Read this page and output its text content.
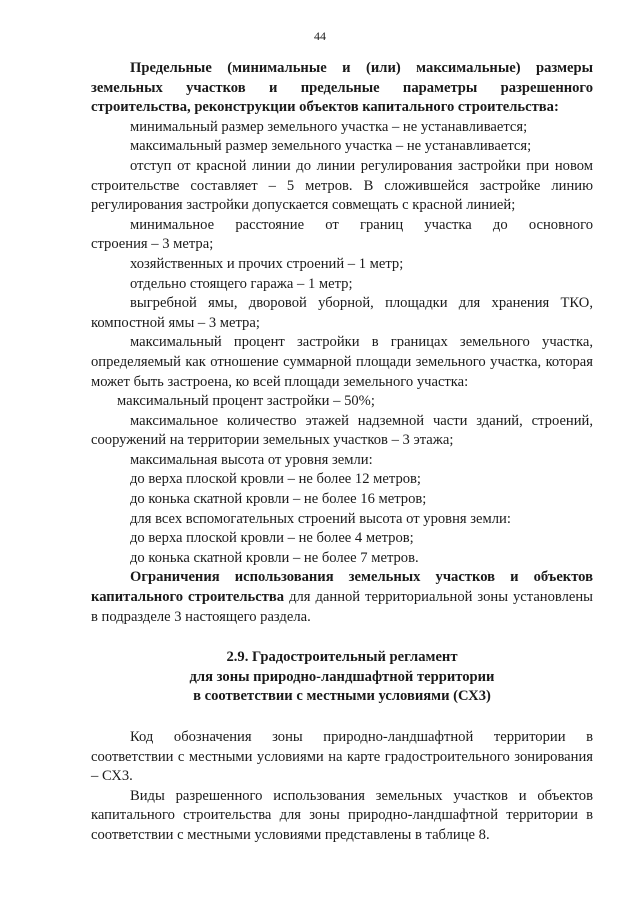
44

Предельные (минимальные и (или) максимальные) размеры

земельных участков и предельные параметры разрешенного

строительства, реконструкции объектов капитального строительства:

минимальный размер земельного участка – не устанавливается;

максимальный размер земельного участка – не устанавливается;

отступ от красной линии до линии регулирования застройки при новом строительстве составляет – 5 метров. В сложившейся застройке линию регулирования застройки допускается совмещать с красной линией;

минимальное расстояние от границ участка до основного

строения – 3 метра;

хозяйственных и прочих строений – 1 метр;

отдельно стоящего гаража – 1 метр;

выгребной ямы, дворовой уборной, площадки для хранения ТКО, компостной ямы – 3 метра;

максимальный процент застройки в границах земельного участка, определяемый как отношение суммарной площади земельного участка, которая может быть застроена, ко всей площади земельного участка:

максимальный процент застройки – 50%;

максимальное количество этажей надземной части зданий, строений, сооружений на территории земельных участков – 3 этажа;

максимальная высота от уровня земли:

до верха плоской кровли – не более 12 метров;

до конька скатной кровли – не более 16 метров;

для всех вспомогательных строений высота от уровня земли:

до верха плоской кровли – не более 4 метров;

до конька скатной кровли – не более 7 метров.

Ограничения использования земельных участков и объектов капитального строительства для данной территориальной зоны установлены в подразделе 3 настоящего раздела.

2.9. Градостроительный регламент

для зоны природно-ландшафтной территории

в соответствии с местными условиями (СХ3)

Код обозначения зоны природно-ландшафтной территории в соответствии с местными условиями на карте градостроительного зонирования – СХ3.

Виды разрешенного использования земельных участков и объектов капитального строительства для зоны природно-ландшафтной территории в соответствии с местными условиями представлены в таблице 8.
